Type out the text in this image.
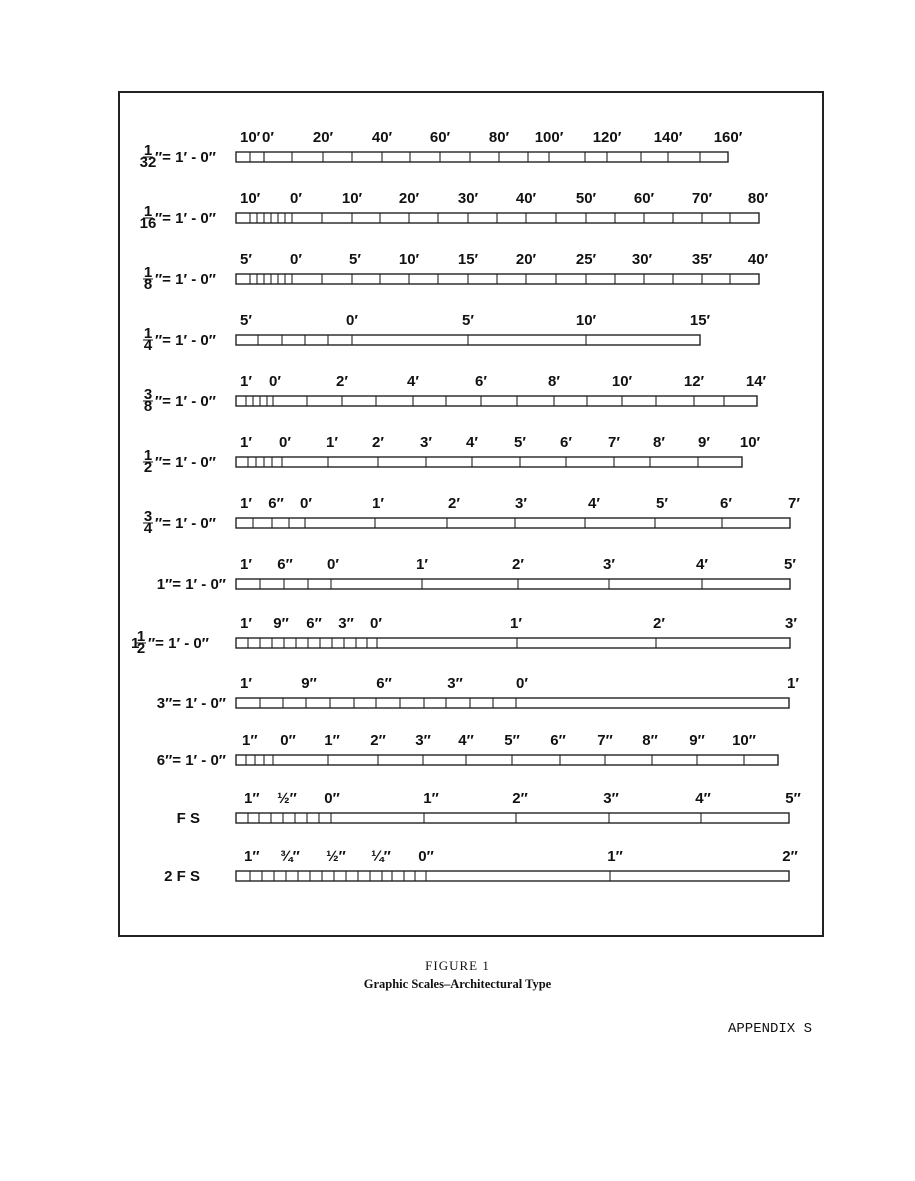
1
32
″= 1′ - 0″
10′ 0′	20′	40′	60′	80′ 100′ 120′ 140′ 160′
1
16
″= 1′ - 0″
10′ 0′	10′ 20′	30′	40′	50′	60′	70′ 80′
1
8 ″= 1′ - 0″
5′	0′	5′	10′	15′	20′	25′ 30′	35′ 40′
1
4 ″= 1′ - 0″
5′	0′	5′	10′	15′
3
8 ″= 1′ - 0″
1′ 0′	2′	4′	6′	8′	10′	12′	14′
1
2 ″= 1′ - 0″
1′ 0′ 1′ 2′ 3′ 4′ 5′ 6′ 7′ 8′ 9′ 10′
3
4 ″= 1′ - 0″
1′ 6″ 0′	1′	2′	3′	4′	5′	6′	7′
1″= 1′ - 0″
1′ 6″ 0′	1′	2′	3′	4′	5′
1
1
2 ″= 1′ - 0″
1′ 9″ 6″ 3″ 0′	1′	2′	3′
3″= 1′ - 0″
1′	9″	6″	3″	0′	1′
6″= 1′ - 0″
1″ 0″ 1″ 2″ 3″ 4″ 5″ 6″ 7″ 8″ 9″ 10″
F S
1″ ½″ 0″	1″	2″	3″	4″	5″
2 F S
1″ ¾″ ½″ ¼″ 0″	1″	2″
FIGURE 1
Graphic Scales–Architectural Type
APPENDIX S
